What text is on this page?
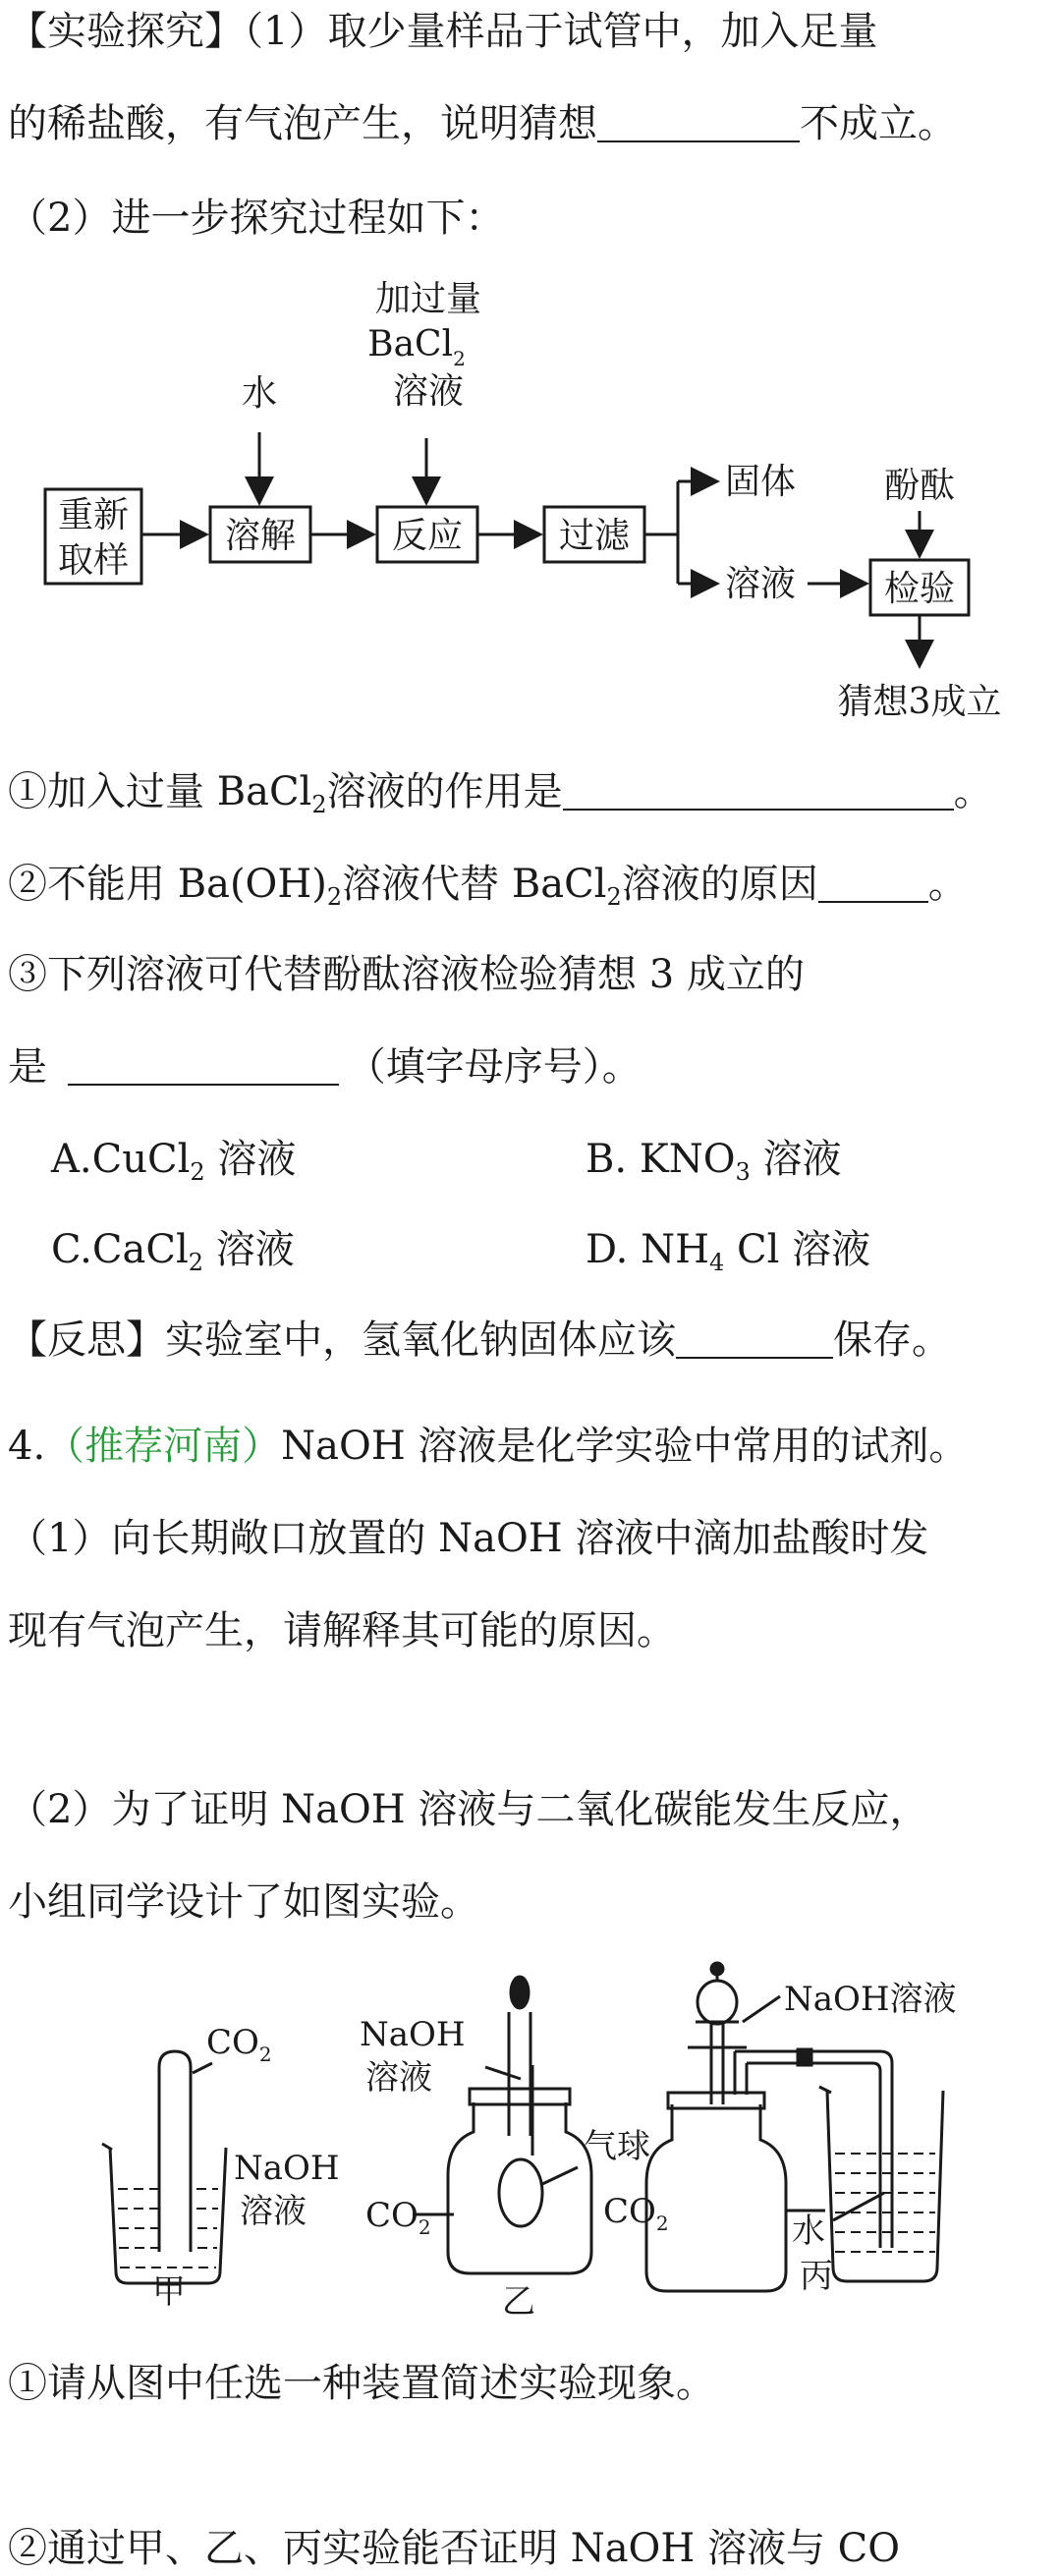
【实验探究】（1）取少量样品于试管中，加入足量
的稀盐酸，有气泡产生，说明猜想	不成立。
（2）进一步探究过程如下：
水
加过量
BaCl$_2$
溶液
重新
取样
溶解	反应	过滤
固体
溶液
酚酞
检验
猜想3成立
①加入过量 BaCl$_2$溶液的作用是	。
②不能用 $Ba(OH)_2$溶液代替 BaCl$_2$溶液的原因	。
③下列溶液可代替酚酞溶液检验猜想 3 成立的
是	（填字母序号）。
A.CuCl$_2$ 溶液	B. $KNO_3$ 溶液
C.CaCl$_2$ 溶液	D. $NH_4$ Cl 溶液
【反思】实验室中，氢氧化钠固体应该	保存。
4.（推荐河南）NaOH 溶液是化学实验中常用的试剂。
（1）向长期敞口放置的 NaOH 溶液中滴加盐酸时发
现有气泡产生，请解释其可能的原因。
（2）为了证明 NaOH 溶液与二氧化碳能发生反应，
小组同学设计了如图实验。
$CO_2$
NaOH
溶液
甲
NaOH
溶液
气球
$CO_2$
乙
NaOH溶液
$CO_2$	水
丙
①请从图中任选一种装置简述实验现象。
②通过甲、乙、丙实验能否证明 NaOH 溶液与 CO
